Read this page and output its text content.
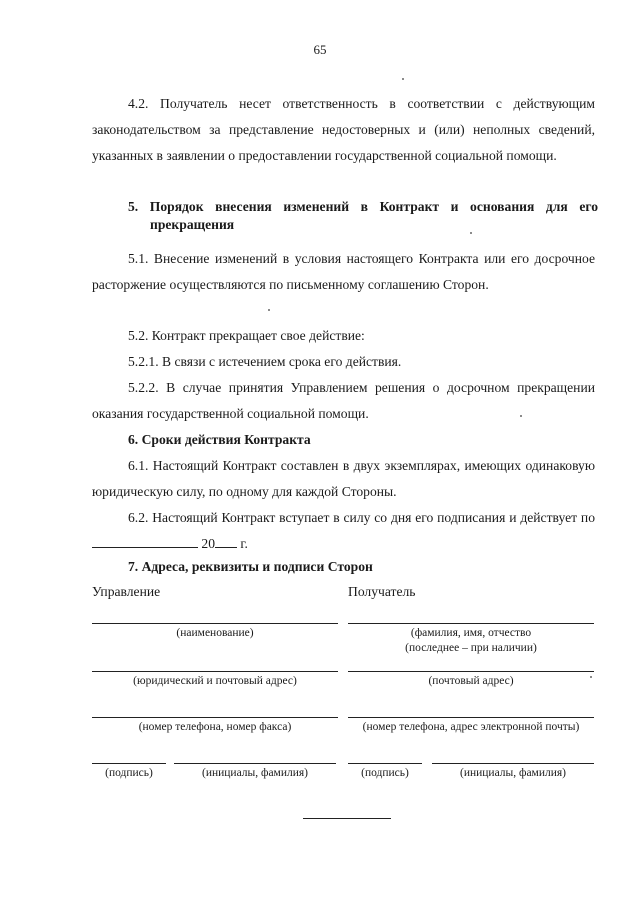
65
4.2. Получатель несет ответственность в соответствии с действующим законодательством за представление недостоверных и (или) неполных сведений, указанных в заявлении о предоставлении государственной социальной помощи.
5. Порядок внесения изменений в Контракт и основания для его
прекращения
5.1. Внесение изменений в условия настоящего Контракта или его досрочное расторжение осуществляются по письменному соглашению Сторон.
5.2. Контракт прекращает свое действие:
5.2.1. В связи с истечением срока его действия.
5.2.2. В случае принятия Управлением решения о досрочном прекращении оказания государственной социальной помощи.
6. Сроки действия Контракта
6.1. Настоящий Контракт составлен в двух экземплярах, имеющих одинаковую юридическую силу, по одному для каждой Стороны.
6.2. Настоящий Контракт вступает в силу со дня его подписания и действует по  20 г.
7. Адреса, реквизиты и подписи Сторон
Управление
(наименование)
(юридический и почтовый адрес)
(номер телефона, номер факса)
(подпись)	(инициалы, фамилия)
Получатель
(фамилия, имя, отчество
(последнее – при наличии)
(почтовый адрес)
(номер телефона, адрес электронной почты)
(подпись)	(инициалы, фамилия)
